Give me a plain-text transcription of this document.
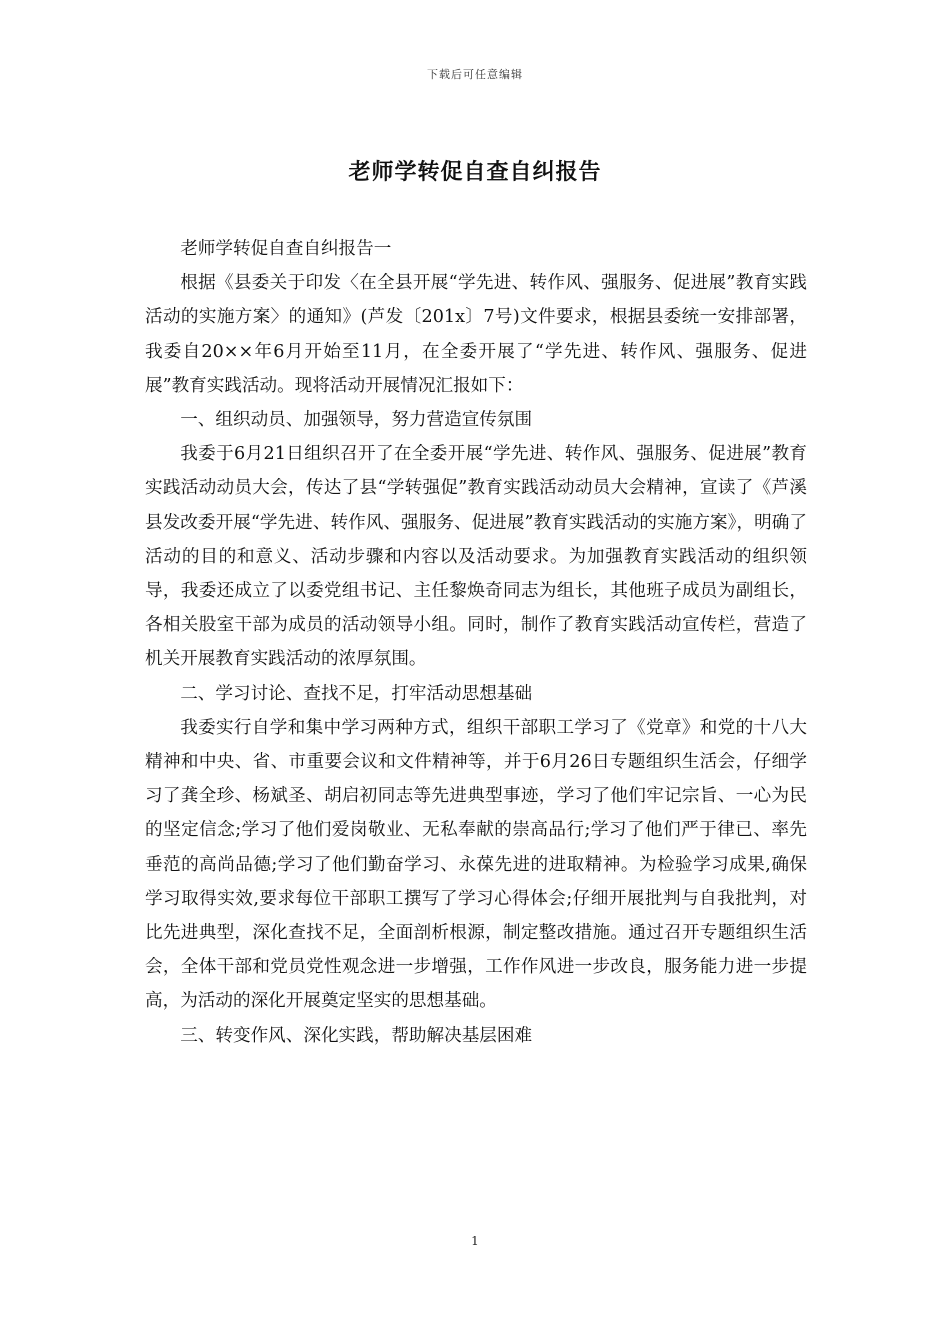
下载后可任意编辑
老师学转促自查自纠报告

老师学转促自查自纠报告一

根据《县委关于印发〈在全县开展“学先进、转作风、强服务、促进展”教育实践活动的实施方案〉的通知》(芦发〔201x〕7号)文件要求，根据县委统一安排部署，我委自20××年6月开始至11月，在全委开展了“学先进、转作风、强服务、促进展”教育实践活动。现将活动开展情况汇报如下：

一、组织动员、加强领导，努力营造宣传氛围

我委于6月21日组织召开了在全委开展“学先进、转作风、强服务、促进展”教育实践活动动员大会，传达了县“学转强促”教育实践活动动员大会精神，宣读了《芦溪县发改委开展“学先进、转作风、强服务、促进展”教育实践活动的实施方案》，明确了活动的目的和意义、活动步骤和内容以及活动要求。为加强教育实践活动的组织领导，我委还成立了以委党组书记、主任黎焕奇同志为组长，其他班子成员为副组长，各相关股室干部为成员的活动领导小组。同时，制作了教育实践活动宣传栏，营造了机关开展教育实践活动的浓厚氛围。

二、学习讨论、查找不足，打牢活动思想基础

我委实行自学和集中学习两种方式，组织干部职工学习了《党章》和党的十八大精神和中央、省、市重要会议和文件精神等，并于6月26日专题组织生活会，仔细学习了龚全珍、杨斌圣、胡启初同志等先进典型事迹，学习了他们牢记宗旨、一心为民的坚定信念;学习了他们爱岗敬业、无私奉献的崇高品行;学习了他们严于律已、率先垂范的高尚品德;学习了他们勤奋学习、永葆先进的进取精神。为检验学习成果,确保学习取得实效,要求每位干部职工撰写了学习心得体会;仔细开展批判与自我批判，对比先进典型，深化查找不足，全面剖析根源，制定整改措施。通过召开专题组织生活会，全体干部和党员党性观念进一步增强，工作作风进一步改良，服务能力进一步提高，为活动的深化开展奠定坚实的思想基础。

三、转变作风、深化实践，帮助解决基层困难

1
